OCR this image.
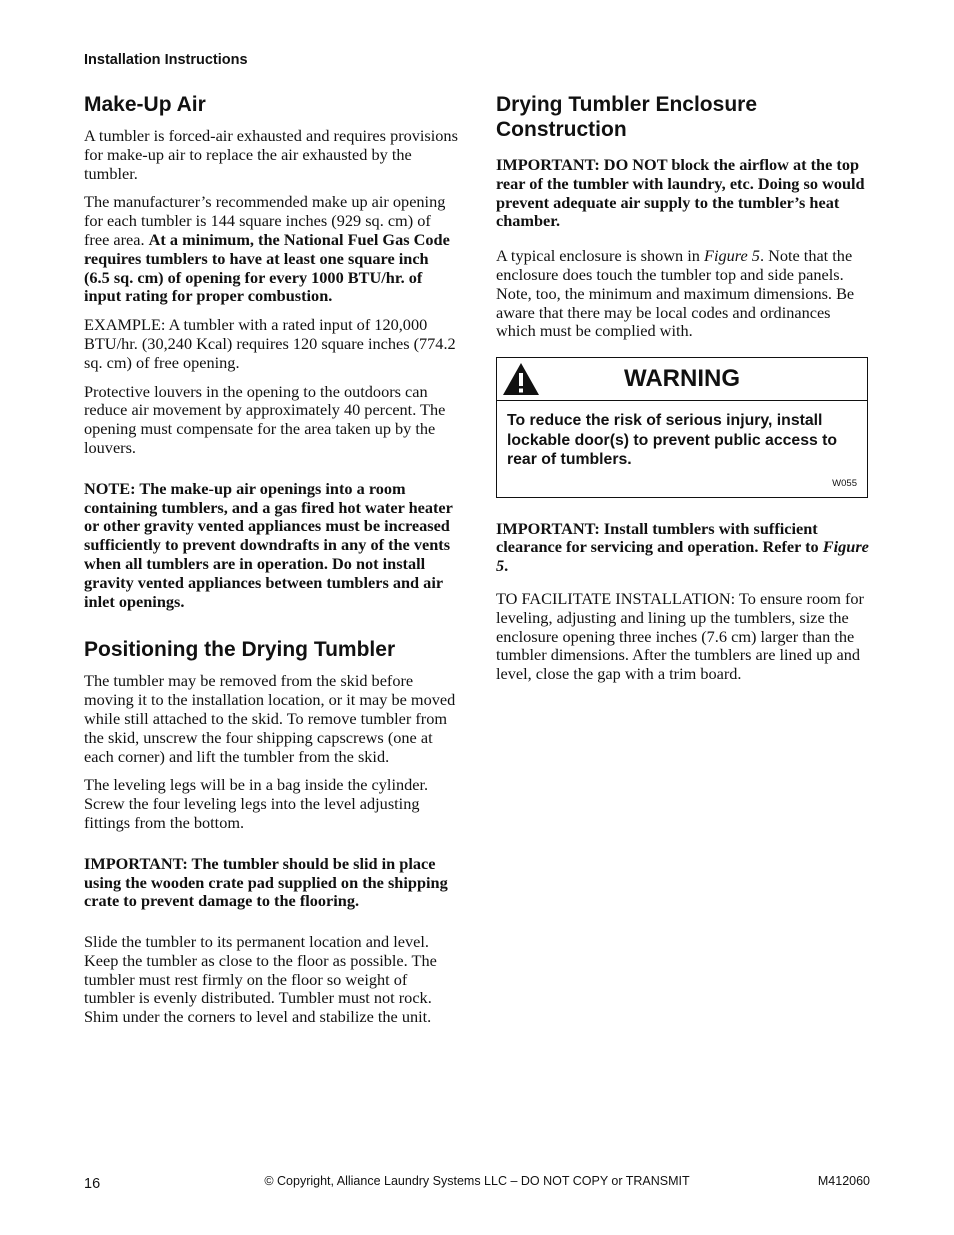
Installation Instructions
Make-Up Air

A tumbler is forced-air exhausted and requires provisions for make-up air to replace the air exhausted by the tumbler.

The manufacturer’s recommended make up air opening for each tumbler is 144 square inches (929 sq. cm) of free area. At a minimum, the National Fuel Gas Code requires tumblers to have at least one square inch (6.5 sq. cm) of opening for every 1000 BTU/hr. of input rating for proper combustion.

EXAMPLE: A tumbler with a rated input of 120,000 BTU/hr. (30,240 Kcal) requires 120 square inches (774.2 sq. cm) of free opening.

Protective louvers in the opening to the outdoors can reduce air movement by approximately 40 percent. The opening must compensate for the area taken up by the louvers.

NOTE: The make-up air openings into a room containing tumblers, and a gas fired hot water heater or other gravity vented appliances must be increased sufficiently to prevent downdrafts in any of the vents when all tumblers are in operation. Do not install gravity vented appliances between tumblers and air inlet openings.

Positioning the Drying Tumbler

The tumbler may be removed from the skid before moving it to the installation location, or it may be moved while still attached to the skid. To remove tumbler from the skid, unscrew the four shipping capscrews (one at each corner) and lift the tumbler from the skid.

The leveling legs will be in a bag inside the cylinder. Screw the four leveling legs into the level adjusting fittings from the bottom.

IMPORTANT: The tumbler should be slid in place using the wooden crate pad supplied on the shipping crate to prevent damage to the flooring.

Slide the tumbler to its permanent location and level. Keep the tumbler as close to the floor as possible. The tumbler must rest firmly on the floor so weight of tumbler is evenly distributed. Tumbler must not rock. Shim under the corners to level and stabilize the unit.

Drying Tumbler Enclosure Construction

IMPORTANT: DO NOT block the airflow at the top rear of the tumbler with laundry, etc. Doing so would prevent adequate air supply to the tumbler’s heat chamber.

A typical enclosure is shown in Figure 5. Note that the enclosure does touch the tumbler top and side panels. Note, too, the minimum and maximum dimensions. Be aware that there may be local codes and ordinances which must be complied with.

WARNING
To reduce the risk of serious injury, install lockable door(s) to prevent public access to rear of tumblers.
W055

IMPORTANT: Install tumblers with sufficient clearance for servicing and operation. Refer to Figure 5.

TO FACILITATE INSTALLATION: To ensure room for leveling, adjusting and lining up the tumblers, size the enclosure opening three inches (7.6 cm) larger than the tumbler dimensions. After the tumblers are lined up and level, close the gap with a trim board.

16	© Copyright, Alliance Laundry Systems LLC – DO NOT COPY or TRANSMIT	M412060
